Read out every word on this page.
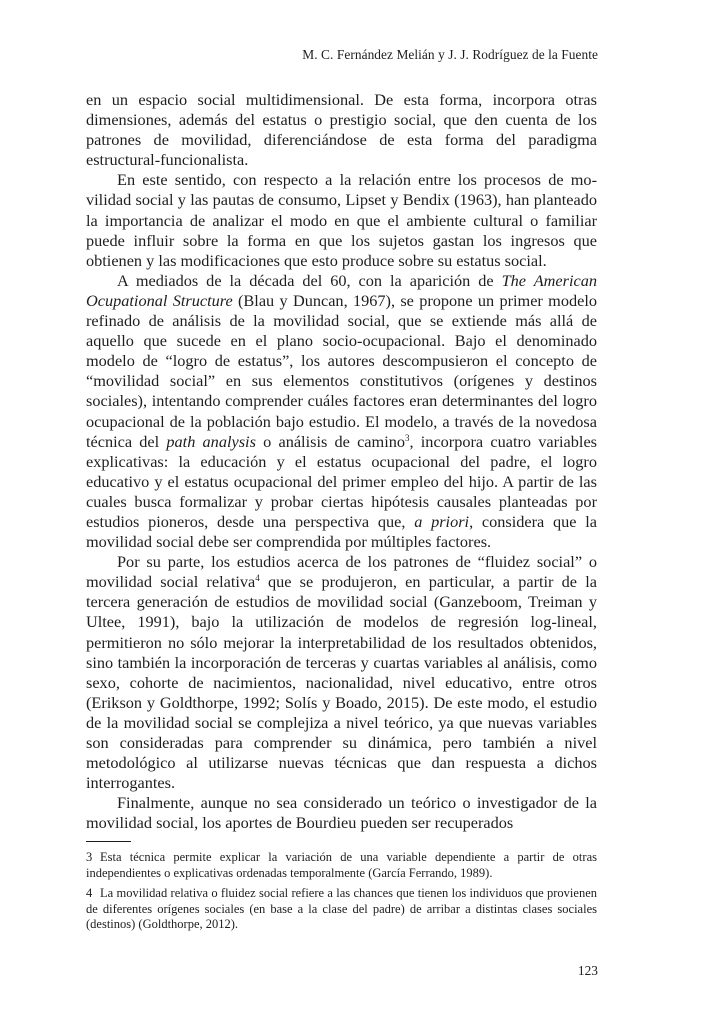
M. C. Fernández Melián y J. J. Rodríguez de la Fuente

en un espacio social multidimensional. De esta forma, incorpora otras dimensiones, además del estatus o prestigio social, que den cuenta de los patrones de movilidad, diferenciándose de esta forma del paradigma estructural-funcionalista.

En este sentido, con respecto a la relación entre los procesos de movilidad social y las pautas de consumo, Lipset y Bendix (1963), han planteado la importancia de analizar el modo en que el ambiente cultural o familiar puede influir sobre la forma en que los sujetos gastan los ingresos que obtienen y las modificaciones que esto produce sobre su estatus social.

A mediados de la década del 60, con la aparición de The American Ocupational Structure (Blau y Duncan, 1967), se propone un primer modelo refinado de análisis de la movilidad social, que se extiende más allá de aquello que sucede en el plano socio-ocupacional. Bajo el denominado modelo de “logro de estatus”, los autores descompusieron el concepto de “movilidad social” en sus elementos constitutivos (orígenes y destinos sociales), intentando comprender cuáles factores eran determinantes del logro ocupacional de la población bajo estudio. El modelo, a través de la novedosa técnica del path analysis o análisis de camino$^3$, incorpora cuatro variables explicativas: la educación y el estatus ocupacional del padre, el logro educativo y el estatus ocupacional del primer empleo del hijo. A partir de las cuales busca formalizar y probar ciertas hipótesis causales planteadas por estudios pioneros, desde una perspectiva que, a priori, considera que la movilidad social debe ser comprendida por múltiples factores.

Por su parte, los estudios acerca de los patrones de “fluidez social” o movilidad social relativa$^4$ que se produjeron, en particular, a partir de la tercera generación de estudios de movilidad social (Ganzeboom, Treiman y Ultee, 1991), bajo la utilización de modelos de regresión log-lineal, permitieron no sólo mejorar la interpretabilidad de los resultados obtenidos, sino también la incorporación de terceras y cuartas variables al análisis, como sexo, cohorte de nacimientos, nacionalidad, nivel educativo, entre otros (Erikson y Goldthorpe, 1992; Solís y Boado, 2015). De este modo, el estudio de la movilidad social se complejiza a nivel teórico, ya que nuevas variables son consideradas para comprender su dinámica, pero también a nivel metodológico al utilizarse nuevas técnicas que dan respuesta a dichos interrogantes.

Finalmente, aunque no sea considerado un teórico o investigador de la movilidad social, los aportes de Bourdieu pueden ser recuperados

3 Esta técnica permite explicar la variación de una variable dependiente a partir de otras independientes o explicativas ordenadas temporalmente (García Ferrando, 1989).

4 La movilidad relativa o fluidez social refiere a las chances que tienen los individuos que provienen de diferentes orígenes sociales (en base a la clase del padre) de arribar a distintas clases sociales (destinos) (Goldthorpe, 2012).

123
